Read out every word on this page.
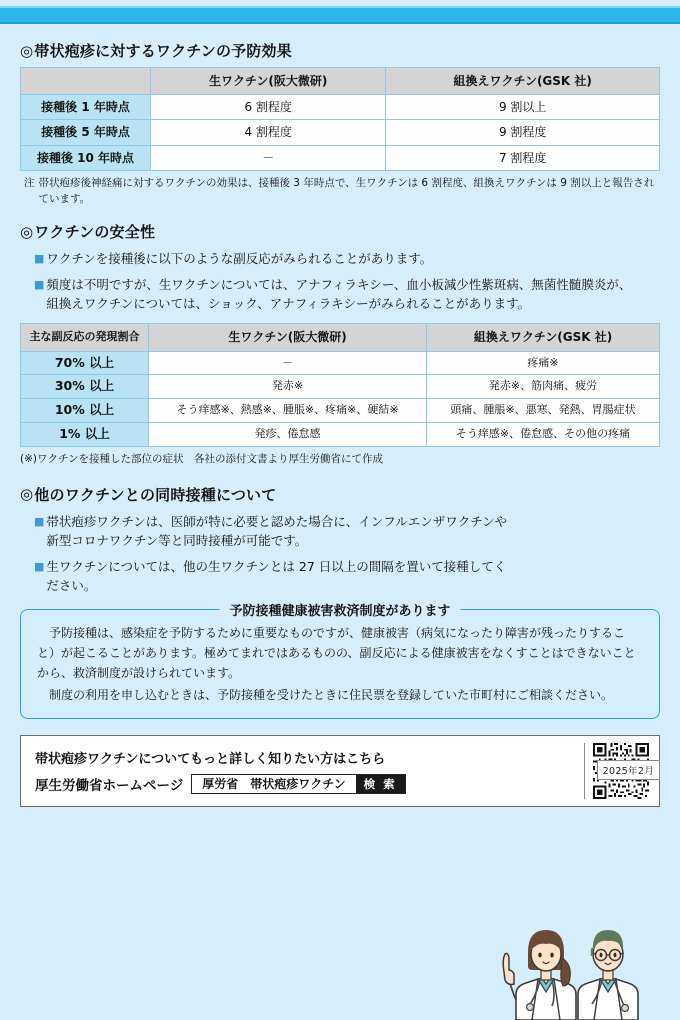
◎ 帯状疱疹に対するワクチンの予防効果
	生ワクチン(阪大微研)	組換えワクチン(GSK 社)
接種後 1 年時点	6 割程度	9 割以上
接種後 5 年時点	4 割程度	9 割程度
接種後 10 年時点	－	7 割程度
注 帯状疱疹後神経痛に対するワクチンの効果は、接種後 3 年時点で、生ワクチンは 6 割程度、組換えワクチンは 9 割以上と報告されています。
◎ ワクチンの安全性
■ ワクチンを接種後に以下のような副反応がみられることがあります。
■ 頻度は不明ですが、生ワクチンについては、アナフィラキシー、血小板減少性紫斑病、無菌性髄膜炎が、組換えワクチンについては、ショック、アナフィラキシーがみられることがあります。
主な副反応の発現割合	生ワクチン(阪大微研)	組換えワクチン(GSK 社)
70% 以上	－	疼痛※
30% 以上	発赤※	発赤※、筋肉痛、疲労
10% 以上	そう痒感※、熱感※、腫脹※、疼痛※、硬結※	頭痛、腫脹※、悪寒、発熱、胃腸症状
1% 以上	発疹、倦怠感	そう痒感※、倦怠感、その他の疼痛
(※)ワクチンを接種した部位の症状　各社の添付文書より厚生労働省にて作成
◎ 他のワクチンとの同時接種について
■ 帯状疱疹ワクチンは、医師が特に必要と認めた場合に、インフルエンザワクチンや新型コロナワクチン等と同時接種が可能です。
■ 生ワクチンについては、他の生ワクチンとは 27 日以上の間隔を置いて接種してください。
予防接種健康被害救済制度があります
予防接種は、感染症を予防するために重要なものですが、健康被害（病気になったり障害が残ったりすること）が起こることがあります。極めてまれではあるものの、副反応による健康被害をなくすことはできないことから、救済制度が設けられています。
制度の利用を申し込むときは、予防接種を受けたときに住民票を登録していた市町村にご相談ください。
帯状疱疹ワクチンについてもっと詳しく知りたい方はこちら
厚生労働省ホームページ	厚労省　帯状疱疹ワクチン	検 索
2025年2月
